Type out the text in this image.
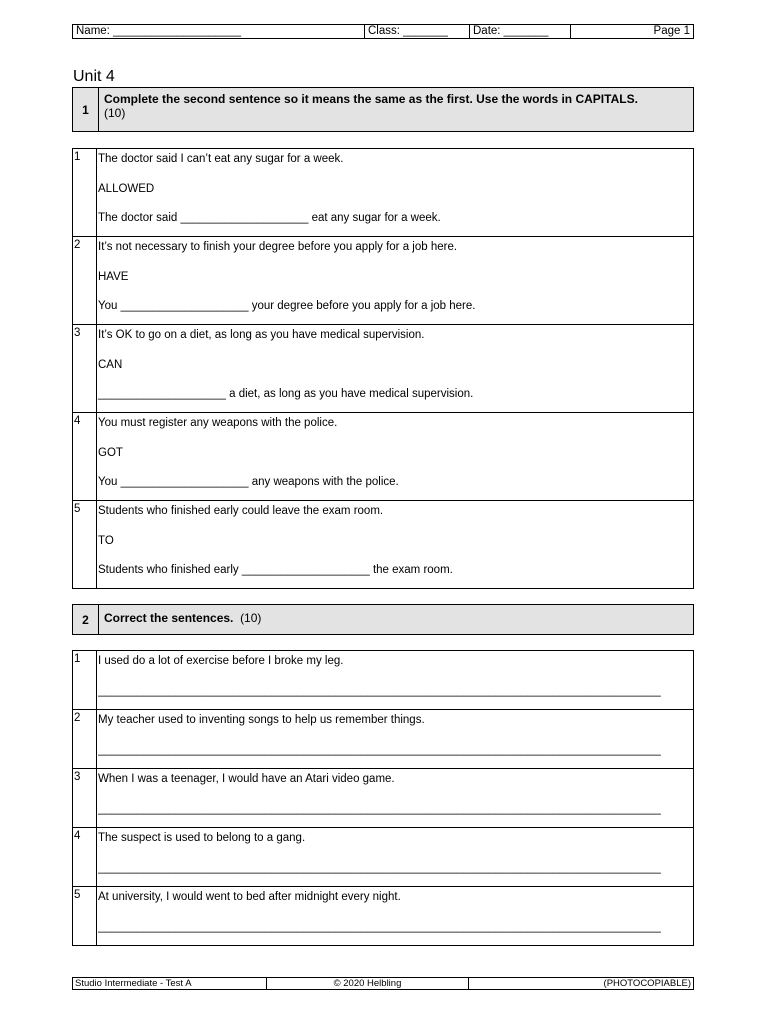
Name: ____________________	Class: _______	Date: _______	Page 1
Unit 4
1
Complete the second sentence so it means the same as the first. Use the words in CAPITALS.
(10)
1	The doctor said I can’t eat any sugar for a week.
ALLOWED
The doctor said ____________________ eat any sugar for a week.
2	It’s not necessary to finish your degree before you apply for a job here.
HAVE
You ____________________ your degree before you apply for a job here.
3	It’s OK to go on a diet, as long as you have medical supervision.
CAN
____________________ a diet, as long as you have medical supervision.
4	You must register any weapons with the police.
GOT
You ____________________ any weapons with the police.
5	Students who finished early could leave the exam room.
TO
Students who finished early ____________________ the exam room.
2	Correct the sentences. (10)
1	I used do a lot of exercise before I broke my leg.
________________________________________________________________________________________
2	My teacher used to inventing songs to help us remember things.
________________________________________________________________________________________
3	When I was a teenager, I would have an Atari video game.
________________________________________________________________________________________
4	The suspect is used to belong to a gang.
________________________________________________________________________________________
5	At university, I would went to bed after midnight every night.
________________________________________________________________________________________
Studio Intermediate - Test A	© 2020 Helbling	(PHOTOCOPIABLE)
